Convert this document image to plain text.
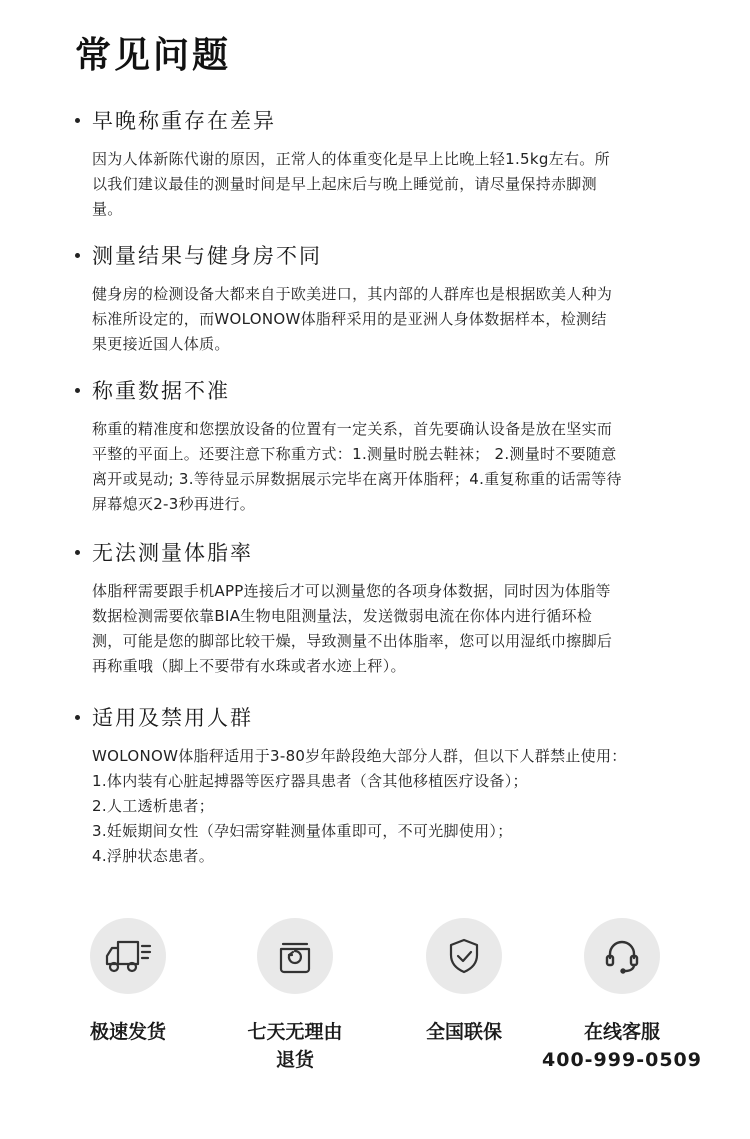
常见问题
早晚称重存在差异

因为人体新陈代谢的原因，正常人的体重变化是早上比晚上轻1.5kg左右。所

以我们建议最佳的测量时间是早上起床后与晚上睡觉前，请尽量保持赤脚测

量。

测量结果与健身房不同

健身房的检测设备大都来自于欧美进口，其内部的人群库也是根据欧美人种为

标准所设定的，而WOLONOW体脂秤采用的是亚洲人身体数据样本，检测结

果更接近国人体质。

称重数据不准

称重的精准度和您摆放设备的位置有一定关系，首先要确认设备是放在坚实而

平整的平面上。还要注意下称重方式：1.测量时脱去鞋袜； 2.测量时不要随意

离开或晃动; 3.等待显示屏数据展示完毕在离开体脂秤；4.重复称重的话需等待

屏幕熄灭2-3秒再进行。

无法测量体脂率

体脂秤需要跟手机APP连接后才可以测量您的各项身体数据，同时因为体脂等

数据检测需要依靠BIA生物电阻测量法，发送微弱电流在你体内进行循环检

测，可能是您的脚部比较干燥，导致测量不出体脂率，您可以用湿纸巾擦脚后

再称重哦（脚上不要带有水珠或者水迹上秤）。

适用及禁用人群

WOLONOW体脂秤适用于3-80岁年龄段绝大部分人群，但以下人群禁止使用：

1.体内装有心脏起搏器等医疗器具患者（含其他移植医疗设备）；

2.人工透析患者；

3.妊娠期间女性（孕妇需穿鞋测量体重即可，不可光脚使用）；

4.浮肿状态患者。

极速发货	七天无理由
退货
全国联保	在线客服
400-999-0509
